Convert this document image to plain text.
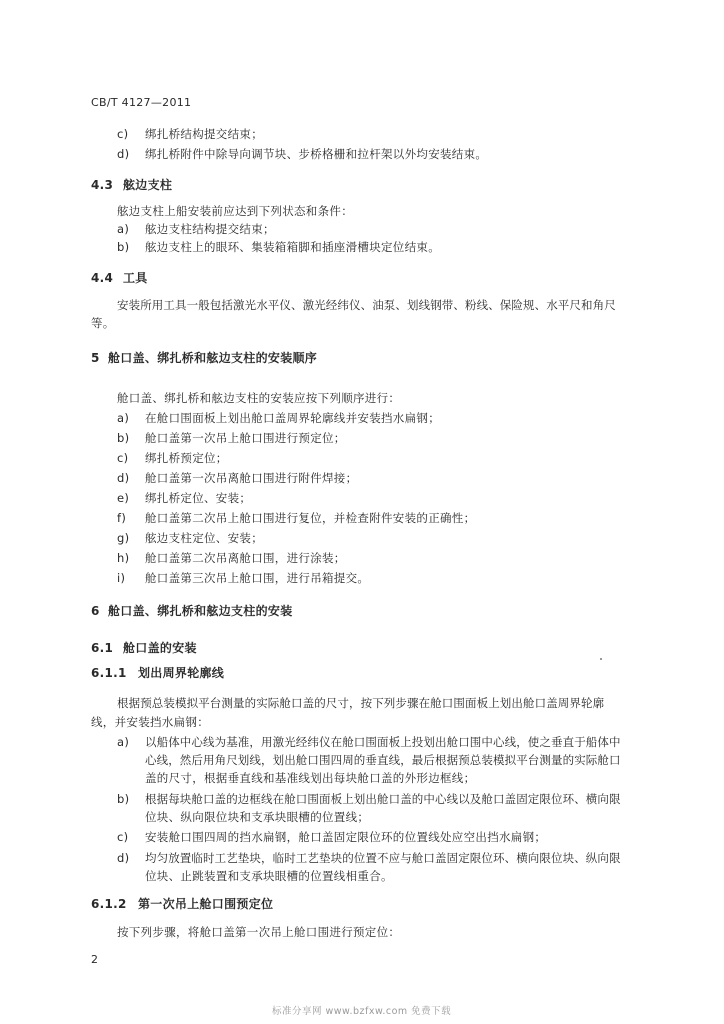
CB/T 4127—2011
c) 绑扎桥结构提交结束；
d) 绑扎桥附件中除导向调节块、步桥格栅和拉杆架以外均安装结束。
4.3 舷边支柱
舷边支柱上船安装前应达到下列状态和条件：
a) 舷边支柱结构提交结束；
b) 舷边支柱上的眼环、集装箱箱脚和插座滑槽块定位结束。
4.4 工具
安装所用工具一般包括激光水平仪、激光经纬仪、油泵、划线钢带、粉线、保险规、水平尺和角尺
等。
5 舱口盖、绑扎桥和舷边支柱的安装顺序
舱口盖、绑扎桥和舷边支柱的安装应按下列顺序进行：
a) 在舱口围面板上划出舱口盖周界轮廓线并安装挡水扁钢；
b) 舱口盖第一次吊上舱口围进行预定位；
c) 绑扎桥预定位；
d) 舱口盖第一次吊离舱口围进行附件焊接；
e) 绑扎桥定位、安装；
f) 舱口盖第二次吊上舱口围进行复位，并检查附件安装的正确性；
g) 舷边支柱定位、安装；
h) 舱口盖第二次吊离舱口围，进行涂装；
i) 舱口盖第三次吊上舱口围，进行吊箱提交。
6 舱口盖、绑扎桥和舷边支柱的安装
6.1 舱口盖的安装
6.1.1 划出周界轮廓线
根据预总装模拟平台测量的实际舱口盖的尺寸，按下列步骤在舱口围面板上划出舱口盖周界轮廓
线，并安装挡水扁钢：
a) 以船体中心线为基准，用激光经纬仪在舱口围面板上投划出舱口围中心线，使之垂直于船体中
心线，然后用角尺划线，划出舱口围四周的垂直线，最后根据预总装模拟平台测量的实际舱口
盖的尺寸，根据垂直线和基准线划出每块舱口盖的外形边框线；
b) 根据每块舱口盖的边框线在舱口围面板上划出舱口盖的中心线以及舱口盖固定限位环、横向限
位块、纵向限位块和支承块眼槽的位置线；
c) 安装舱口围四周的挡水扁钢，舱口盖固定限位环的位置线处应空出挡水扁钢；
d) 均匀放置临时工艺垫块，临时工艺垫块的位置不应与舱口盖固定限位环、横向限位块、纵向限
位块、止跳装置和支承块眼槽的位置线相重合。
6.1.2 第一次吊上舱口围预定位
按下列步骤，将舱口盖第一次吊上舱口围进行预定位：
2
标准分享网 www.bzfxw.com 免费下载
